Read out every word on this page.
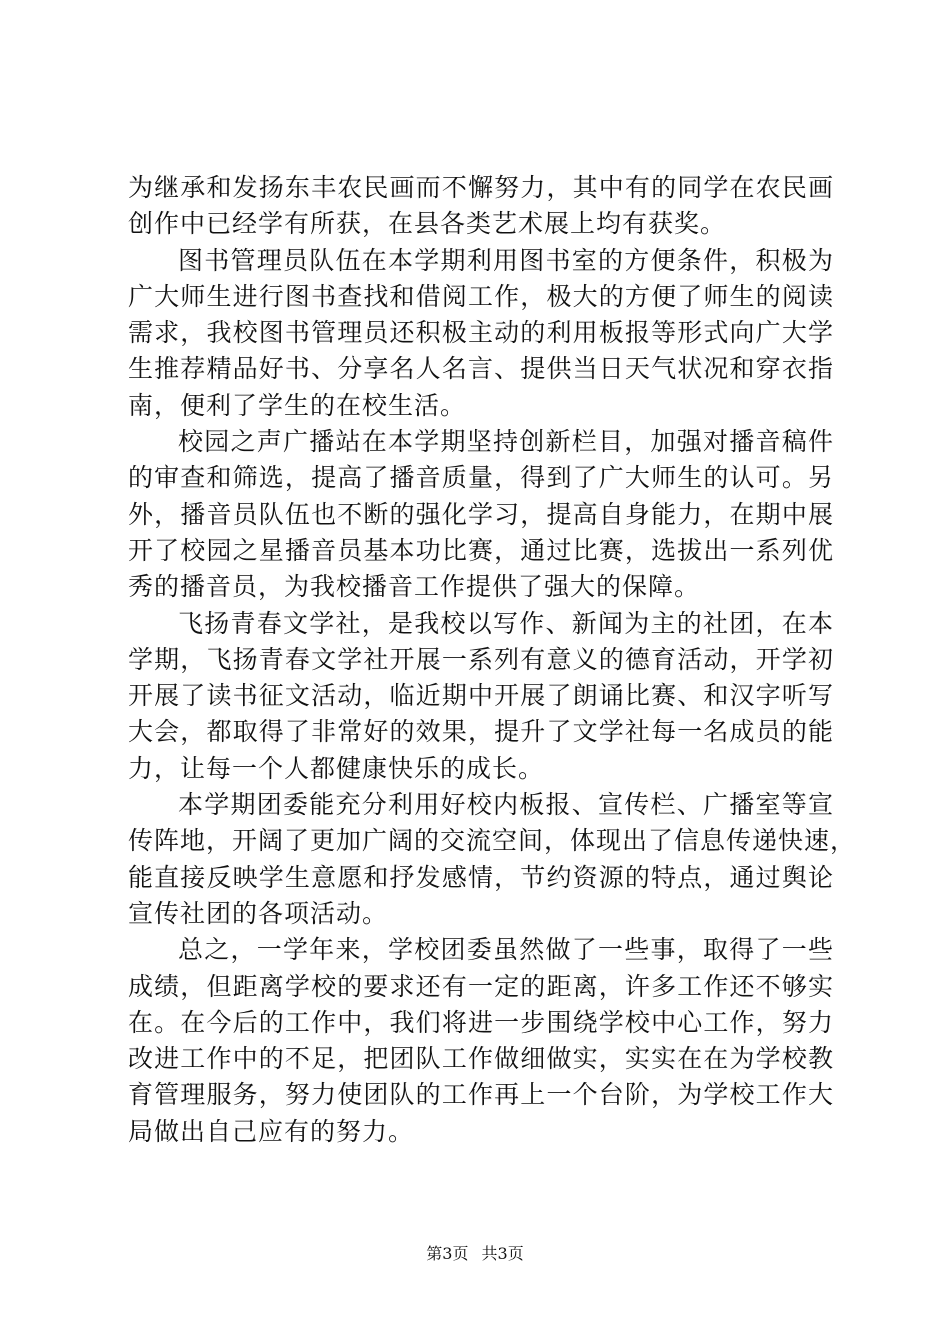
为继承和发扬东丰农民画而不懈努力，其中有的同学在农民画
创作中已经学有所获，在县各类艺术展上均有获奖。
图书管理员队伍在本学期利用图书室的方便条件，积极为
广大师生进行图书查找和借阅工作，极大的方便了师生的阅读
需求，我校图书管理员还积极主动的利用板报等形式向广大学
生推荐精品好书、分享名人名言、提供当日天气状况和穿衣指
南，便利了学生的在校生活。
校园之声广播站在本学期坚持创新栏目，加强对播音稿件
的审查和筛选，提高了播音质量，得到了广大师生的认可。另
外，播音员队伍也不断的强化学习，提高自身能力，在期中展
开了校园之星播音员基本功比赛，通过比赛，选拔出一系列优
秀的播音员，为我校播音工作提供了强大的保障。
飞扬青春文学社，是我校以写作、新闻为主的社团，在本
学期，飞扬青春文学社开展一系列有意义的德育活动，开学初
开展了读书征文活动，临近期中开展了朗诵比赛、和汉字听写
大会，都取得了非常好的效果，提升了文学社每一名成员的能
力，让每一个人都健康快乐的成长。
本学期团委能充分利用好校内板报、宣传栏、广播室等宣
传阵地，开阔了更加广阔的交流空间，体现出了信息传递快速，
能直接反映学生意愿和抒发感情，节约资源的特点，通过舆论
宣传社团的各项活动。
总之，一学年来，学校团委虽然做了一些事，取得了一些
成绩，但距离学校的要求还有一定的距离，许多工作还不够实
在。在今后的工作中，我们将进一步围绕学校中心工作，努力
改进工作中的不足，把团队工作做细做实，实实在在为学校教
育管理服务，努力使团队的工作再上一个台阶，为学校工作大
局做出自己应有的努力。
第3页 共3页
